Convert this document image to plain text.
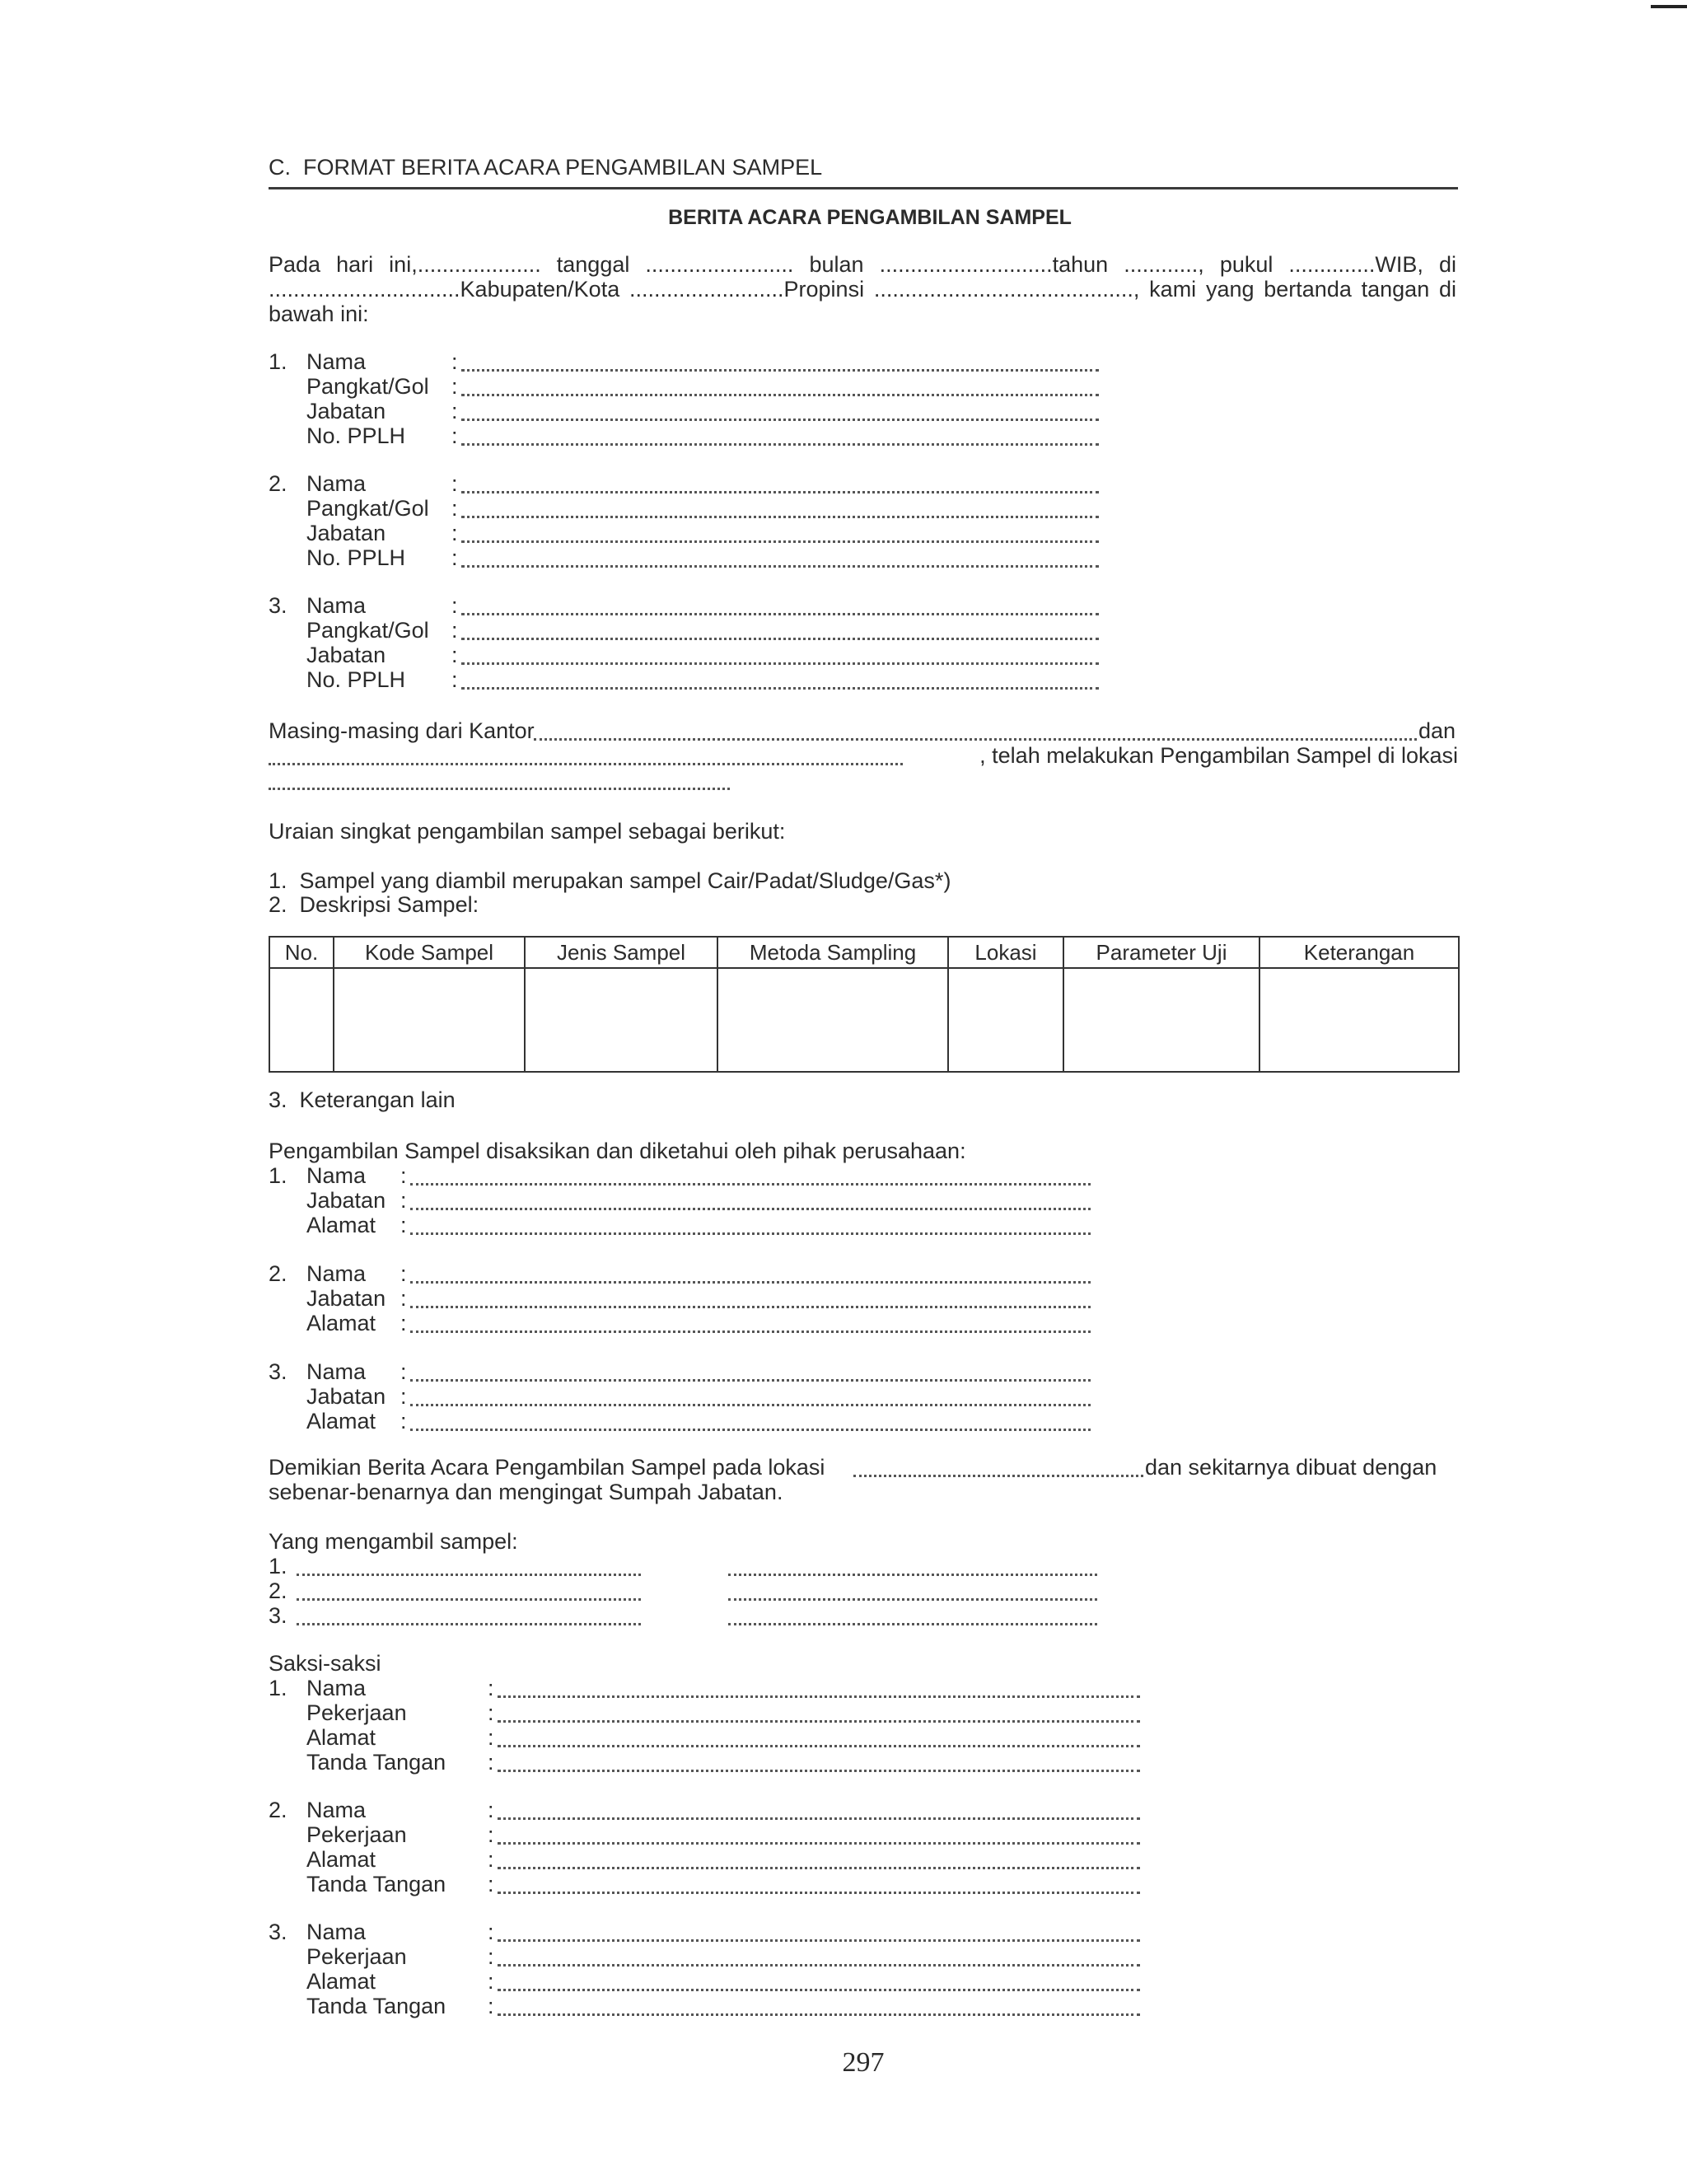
C.  FORMAT BERITA ACARA PENGAMBILAN SAMPEL
BERITA ACARA PENGAMBILAN SAMPEL
Pada hari ini,.................... tanggal ........................ bulan ............................tahun ............, pukul ..............WIB, di
...............................Kabupaten/Kota .........................Propinsi .........................................., kami yang bertanda tangan di
bawah ini:
1. Nama	:
Pangkat/Gol :
Jabatan	:
No. PPLH :
2. Nama	:
Pangkat/Gol :
Jabatan	:
No. PPLH :
3. Nama	:
Pangkat/Gol :
Jabatan	:
No. PPLH :
Masing-masing dari Kantor	dan
, telah melakukan Pengambilan Sampel di lokasi
Uraian singkat pengambilan sampel sebagai berikut:
1.  Sampel yang diambil merupakan sampel Cair/Padat/Sludge/Gas*)
2.  Deskripsi Sampel:
No.	Kode Sampel	Jenis Sampel	Metoda Sampling	Lokasi	Parameter Uji	Keterangan

3.  Keterangan lain
Pengambilan Sampel disaksikan dan diketahui oleh pihak perusahaan:
1. Nama :
Jabatan :
Alamat :
2. Nama :
Jabatan :
Alamat :
3. Nama :
Jabatan :
Alamat :
Demikian Berita Acara Pengambilan Sampel pada lokasi	dan sekitarnya dibuat dengan
sebenar-benarnya dan mengingat Sumpah Jabatan.
Yang mengambil sampel:
1.
2.
3.
Saksi-saksi
1. Nama	:
Pekerjaan	:
Alamat	:
Tanda Tangan :
2. Nama	:
Pekerjaan	:
Alamat	:
Tanda Tangan :
3. Nama	:
Pekerjaan	:
Alamat	:
Tanda Tangan :
297
